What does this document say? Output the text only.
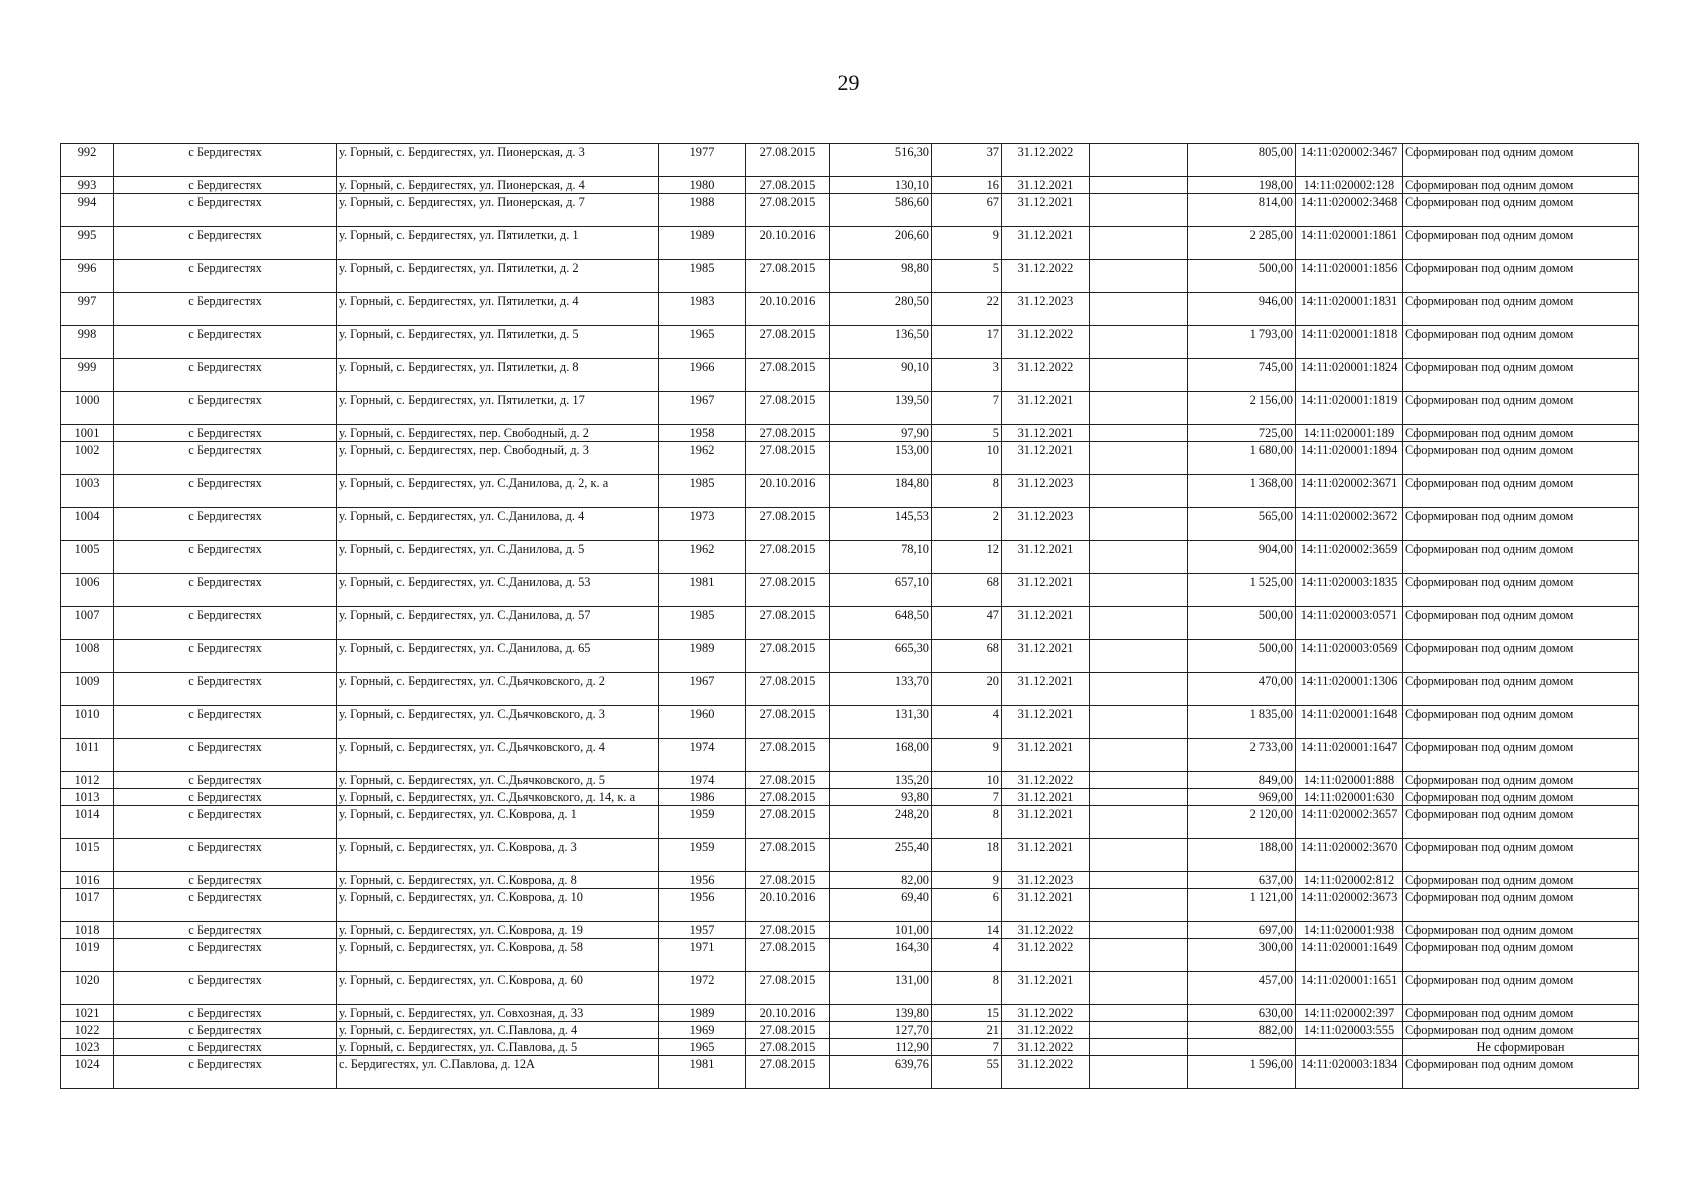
29
992	с Бердигестях	у. Горный, с. Бердигестях, ул. Пионерская, д. 3	1977	27.08.2015	516,30	37	31.12.2022		805,00	14:11:020002:3467	Сформирован под одним домом
993	с Бердигестях	у. Горный, с. Бердигестях, ул. Пионерская, д. 4	1980	27.08.2015	130,10	16	31.12.2021		198,00	14:11:020002:128	Сформирован под одним домом
994	с Бердигестях	у. Горный, с. Бердигестях, ул. Пионерская, д. 7	1988	27.08.2015	586,60	67	31.12.2021		814,00	14:11:020002:3468	Сформирован под одним домом
995	с Бердигестях	у. Горный, с. Бердигестях, ул. Пятилетки, д. 1	1989	20.10.2016	206,60	9	31.12.2021		2 285,00	14:11:020001:1861	Сформирован под одним домом
996	с Бердигестях	у. Горный, с. Бердигестях, ул. Пятилетки, д. 2	1985	27.08.2015	98,80	5	31.12.2022		500,00	14:11:020001:1856	Сформирован под одним домом
997	с Бердигестях	у. Горный, с. Бердигестях, ул. Пятилетки, д. 4	1983	20.10.2016	280,50	22	31.12.2023		946,00	14:11:020001:1831	Сформирован под одним домом
998	с Бердигестях	у. Горный, с. Бердигестях, ул. Пятилетки, д. 5	1965	27.08.2015	136,50	17	31.12.2022		1 793,00	14:11:020001:1818	Сформирован под одним домом
999	с Бердигестях	у. Горный, с. Бердигестях, ул. Пятилетки, д. 8	1966	27.08.2015	90,10	3	31.12.2022		745,00	14:11:020001:1824	Сформирован под одним домом
1000	с Бердигестях	у. Горный, с. Бердигестях, ул. Пятилетки, д. 17	1967	27.08.2015	139,50	7	31.12.2021		2 156,00	14:11:020001:1819	Сформирован под одним домом
1001	с Бердигестях	у. Горный, с. Бердигестях, пер. Свободный, д. 2	1958	27.08.2015	97,90	5	31.12.2021		725,00	14:11:020001:189	Сформирован под одним домом
1002	с Бердигестях	у. Горный, с. Бердигестях, пер. Свободный, д. 3	1962	27.08.2015	153,00	10	31.12.2021		1 680,00	14:11:020001:1894	Сформирован под одним домом
1003	с Бердигестях	у. Горный, с. Бердигестях, ул. С.Данилова, д. 2, к. а	1985	20.10.2016	184,80	8	31.12.2023		1 368,00	14:11:020002:3671	Сформирован под одним домом
1004	с Бердигестях	у. Горный, с. Бердигестях, ул. С.Данилова, д. 4	1973	27.08.2015	145,53	2	31.12.2023		565,00	14:11:020002:3672	Сформирован под одним домом
1005	с Бердигестях	у. Горный, с. Бердигестях, ул. С.Данилова, д. 5	1962	27.08.2015	78,10	12	31.12.2021		904,00	14:11:020002:3659	Сформирован под одним домом
1006	с Бердигестях	у. Горный, с. Бердигестях, ул. С.Данилова, д. 53	1981	27.08.2015	657,10	68	31.12.2021		1 525,00	14:11:020003:1835	Сформирован под одним домом
1007	с Бердигестях	у. Горный, с. Бердигестях, ул. С.Данилова, д. 57	1985	27.08.2015	648,50	47	31.12.2021		500,00	14:11:020003:0571	Сформирован под одним домом
1008	с Бердигестях	у. Горный, с. Бердигестях, ул. С.Данилова, д. 65	1989	27.08.2015	665,30	68	31.12.2021		500,00	14:11:020003:0569	Сформирован под одним домом
1009	с Бердигестях	у. Горный, с. Бердигестях, ул. С.Дьячковского, д. 2	1967	27.08.2015	133,70	20	31.12.2021		470,00	14:11:020001:1306	Сформирован под одним домом
1010	с Бердигестях	у. Горный, с. Бердигестях, ул. С.Дьячковского, д. 3	1960	27.08.2015	131,30	4	31.12.2021		1 835,00	14:11:020001:1648	Сформирован под одним домом
1011	с Бердигестях	у. Горный, с. Бердигестях, ул. С.Дьячковского, д. 4	1974	27.08.2015	168,00	9	31.12.2021		2 733,00	14:11:020001:1647	Сформирован под одним домом
1012	с Бердигестях	у. Горный, с. Бердигестях, ул. С.Дьячковского, д. 5	1974	27.08.2015	135,20	10	31.12.2022		849,00	14:11:020001:888	Сформирован под одним домом
1013	с Бердигестях	у. Горный, с. Бердигестях, ул. С.Дьячковского, д. 14, к. а	1986	27.08.2015	93,80	7	31.12.2021		969,00	14:11:020001:630	Сформирован под одним домом
1014	с Бердигестях	у. Горный, с. Бердигестях, ул. С.Коврова, д. 1	1959	27.08.2015	248,20	8	31.12.2021		2 120,00	14:11:020002:3657	Сформирован под одним домом
1015	с Бердигестях	у. Горный, с. Бердигестях, ул. С.Коврова, д. 3	1959	27.08.2015	255,40	18	31.12.2021		188,00	14:11:020002:3670	Сформирован под одним домом
1016	с Бердигестях	у. Горный, с. Бердигестях, ул. С.Коврова, д. 8	1956	27.08.2015	82,00	9	31.12.2023		637,00	14:11:020002:812	Сформирован под одним домом
1017	с Бердигестях	у. Горный, с. Бердигестях, ул. С.Коврова, д. 10	1956	20.10.2016	69,40	6	31.12.2021		1 121,00	14:11:020002:3673	Сформирован под одним домом
1018	с Бердигестях	у. Горный, с. Бердигестях, ул. С.Коврова, д. 19	1957	27.08.2015	101,00	14	31.12.2022		697,00	14:11:020001:938	Сформирован под одним домом
1019	с Бердигестях	у. Горный, с. Бердигестях, ул. С.Коврова, д. 58	1971	27.08.2015	164,30	4	31.12.2022		300,00	14:11:020001:1649	Сформирован под одним домом
1020	с Бердигестях	у. Горный, с. Бердигестях, ул. С.Коврова, д. 60	1972	27.08.2015	131,00	8	31.12.2021		457,00	14:11:020001:1651	Сформирован под одним домом
1021	с Бердигестях	у. Горный, с. Бердигестях, ул. Совхозная, д. 33	1989	20.10.2016	139,80	15	31.12.2022		630,00	14:11:020002:397	Сформирован под одним домом
1022	с Бердигестях	у. Горный, с. Бердигестях, ул. С.Павлова, д. 4	1969	27.08.2015	127,70	21	31.12.2022		882,00	14:11:020003:555	Сформирован под одним домом
1023	с Бердигестях	у. Горный, с. Бердигестях, ул. С.Павлова, д. 5	1965	27.08.2015	112,90	7	31.12.2022				Не сформирован
1024	с Бердигестях	с. Бердигестях, ул. С.Павлова, д. 12А	1981	27.08.2015	639,76	55	31.12.2022		1 596,00	14:11:020003:1834	Сформирован под одним домом
